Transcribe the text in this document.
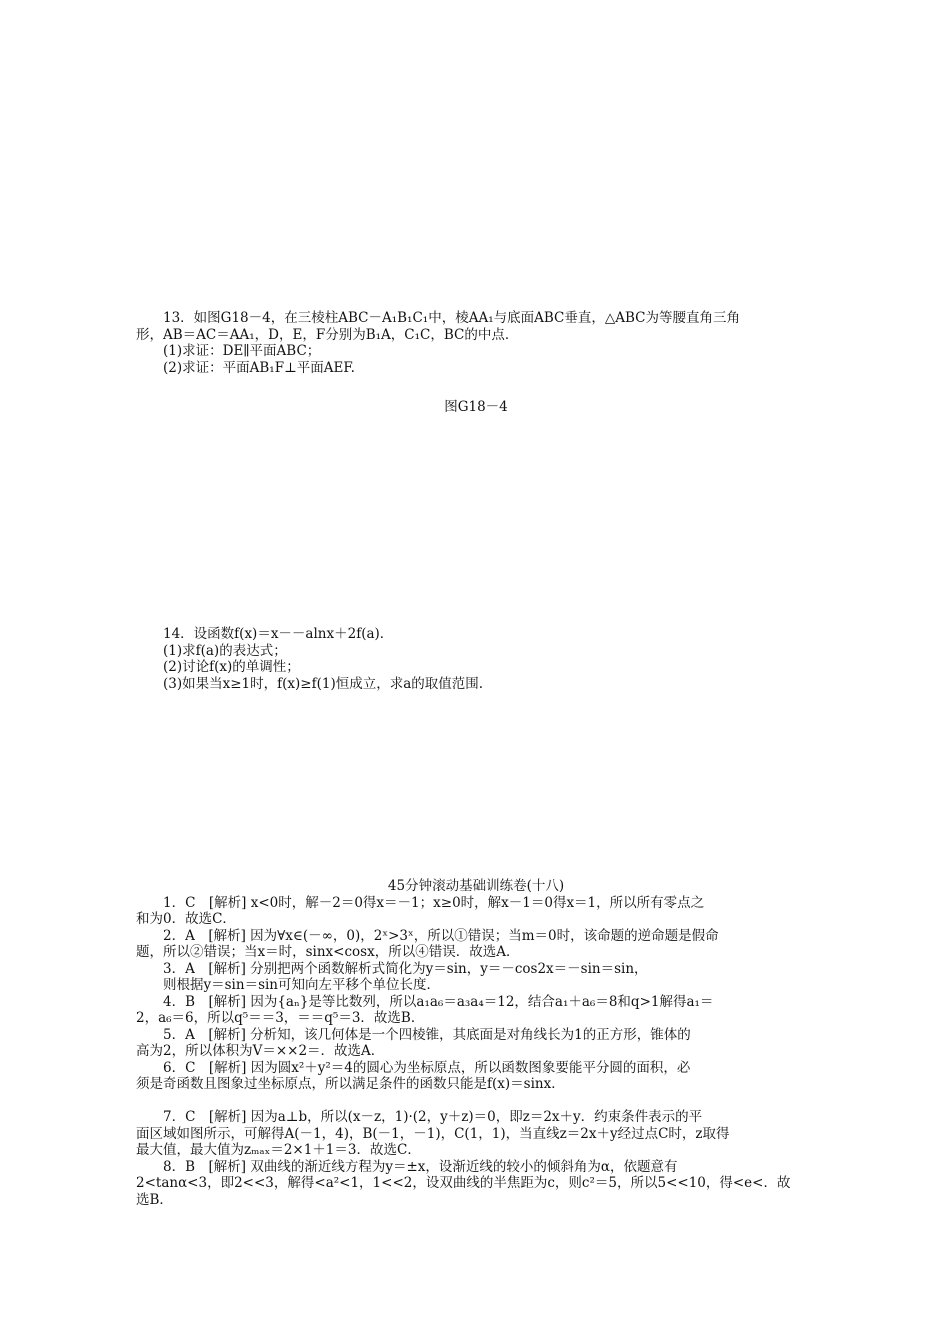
　　13．如图G18－4，在三棱柱ABC－A₁B₁C₁中，棱AA₁与底面ABC垂直，△ABC为等腰直角三角
形，AB＝AC＝AA₁，D，E，F分别为B₁A，C₁C，BC的中点．
　　(1)求证：DE∥平面ABC；
　　(2)求证：平面AB₁F⊥平面AEF.
图G18－4
　　14．设函数f(x)＝x－－alnx＋2f(a)．
　　(1)求f(a)的表达式；
　　(2)讨论f(x)的单调性；
　　(3)如果当x≥1时，f(x)≥f(1)恒成立，求a的取值范围.
45分钟滚动基础训练卷(十八)
　　1．C　[解析] x<0时，解－2＝0得x＝－1；x≥0时，解x－1＝0得x＝1，所以所有零点之
和为0．故选C．
　　2．A　[解析] 因为∀x∈(－∞，0)，2ˣ>3ˣ，所以①错误；当m＝0时，该命题的逆命题是假命
题，所以②错误；当x＝时，sinx<cosx，所以④错误．故选A．
　　3．A　[解析] 分别把两个函数解析式简化为y＝sin，y＝－cos2x＝－sin＝sin，
　　则根据y＝sin＝sin可知向左平移个单位长度．
　　4．B　[解析] 因为{aₙ}是等比数列，所以a₁a₆＝a₃a₄＝12，结合a₁＋a₆＝8和q>1解得a₁＝
2，a₆＝6，所以q⁵＝＝3，＝＝q⁵＝3．故选B．
　　5．A　[解析] 分析知，该几何体是一个四棱锥，其底面是对角线长为1的正方形，锥体的
高为2，所以体积为V＝××2＝．故选A．
　　6．C　[解析] 因为圆x²＋y²＝4的圆心为坐标原点，所以函数图象要能平分圆的面积，必
须是奇函数且图象过坐标原点，所以满足条件的函数只能是f(x)＝sinx．

　　7．C　[解析] 因为a⊥b，所以(x－z，1)·(2，y＋z)＝0，即z＝2x＋y．约束条件表示的平
面区域如图所示，可解得A(－1，4)，B(－1，－1)，C(1，1)，当直线z＝2x＋y经过点C时，z取得
最大值，最大值为zₘₐₓ＝2×1＋1＝3．故选C．
　　8．B　[解析] 双曲线的渐近线方程为y＝±x，设渐近线的较小的倾斜角为α，依题意有
2<tanα<3，即2<<3，解得<a²<1，1<<2，设双曲线的半焦距为c，则c²＝5，所以5<<10，得<e<．故
选B．
